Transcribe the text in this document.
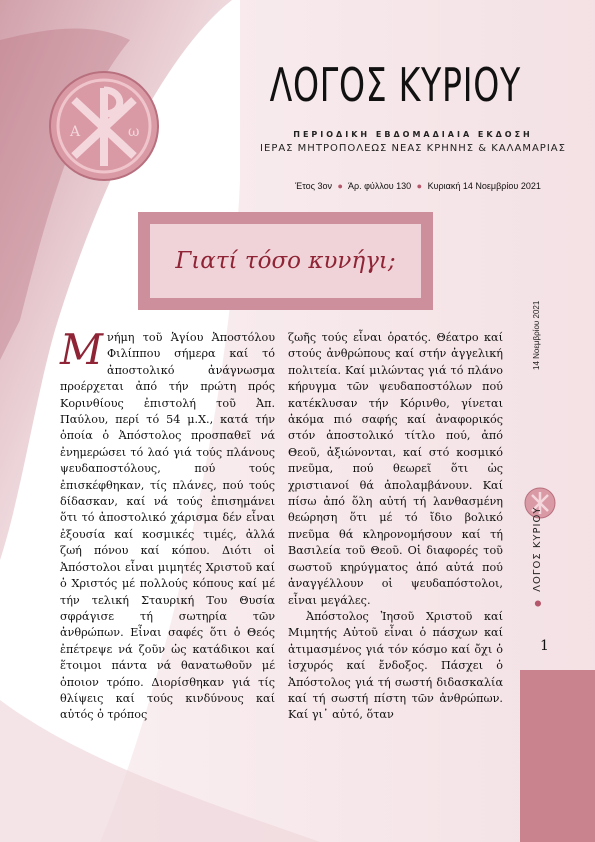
A	ω
ΛΟΓΟΣ ΚΥΡΙΟΥ
ΠΕΡΙΟΔΙΚΗ ΕΒΔΟΜΑΔΙΑΙΑ ΕΚΔΟΣΗ
ΙΕΡΑΣ ΜΗΤΡΟΠΟΛΕΩΣ ΝΕΑΣ ΚΡΗΝΗΣ & ΚΑΛΑΜΑΡΙΑΣ
Έτος 3ον ● Άρ. φύλλου 130 ● Κυριακή 14 Νοεμβρίου 2021
Γιατί τόσο κυνήγι;

Μνήμη τοῦ Ἁγίου Ἀποστόλου Φιλίππου σήμερα καί τό ἀποστολικό ἀνάγνωσμα προέρχεται ἀπό τήν πρώτη πρός Κορινθίους ἐπιστολή τοῦ Ἀπ. Παύλου, περί τό 54 μ.Χ., κατά τήν ὁποία ὁ Ἀπόστολος προσπαθεῖ νά ἐνημερώσει τό λαό γιά τούς πλάνους ψευδαποστόλους, πού τούς ἐπισκέφθηκαν, τίς πλάνες, πού τούς δίδασκαν, καί νά τούς ἐπισημάνει ὅτι τό ἀποστολικό χάρισμα δέν εἶναι ἐξουσία καί κοσμικές τιμές, ἀλλά ζωή πόνου καί κόπου. Διότι οἱ Ἀπόστολοι εἶναι μιμητές Χριστοῦ καί ὁ Χριστός μέ πολλούς κόπους καί μέ τήν τελική Σταυρική Του Θυσία σφράγισε τή σωτηρία τῶν ἀνθρώπων. Εἶναι σαφές ὅτι ὁ Θεός ἐπέτρεψε νά ζοῦν ὡς κατάδικοι καί ἕτοιμοι πάντα νά θανατωθοῦν μέ ὁποιον τρόπο. Διορίσθηκαν γιά τίς θλίψεις καί τούς κινδύνους καί αὐτός ὁ τρόπος

ζωῆς τούς εἶναι ὁρατός. Θέατρο καί στούς ἀνθρώπους καί στήν ἀγγελική πολιτεία. Καί μιλώντας γιά τό πλάνο κήρυγμα τῶν ψευδαποστόλων πού κατέκλυσαν τήν Κόρινθο, γίνεται ἀκόμα πιό σαφής καί ἀναφορικός στόν ἀποστολικό τίτλο πού, ἀπό Θεοῦ, ἀξιώνονται, καί στό κοσμικό πνεῦμα, πού θεωρεῖ ὅτι ὡς χριστιανοί θά ἀπολαμβάνουν. Καί πίσω ἀπό ὅλη αὐτή τή λανθασμένη θεώρηση ὅτι μέ τό ἴδιο βολικό πνεῦμα θά κληρονομήσουν καί τή Βασιλεία τοῦ Θεοῦ. Οἱ διαφορές τοῦ σωστοῦ κηρύγματος ἀπό αὐτά πού ἀναγγέλλουν οἱ ψευδαπόστολοι, εἶναι μεγάλες.

Ἀπόστολος Ἰησοῦ Χριστοῦ καί Μιμητής Αὐτοῦ εἶναι ὁ πάσχων καί ἀτιμασμένος γιά τόν κόσμο καί ὄχι ὁ ἰσχυρός καί ἔνδοξος. Πάσχει ὁ Ἀπόστολος γιά τή σωστή διδασκαλία καί τή σωστή πίστη τῶν ἀνθρώπων. Καί γι᾽ αὐτό, ὅταν

14 Νοεμβρίου 2021
● ΛΟΓΟΣ ΚΥΡΙΟΥ
1
